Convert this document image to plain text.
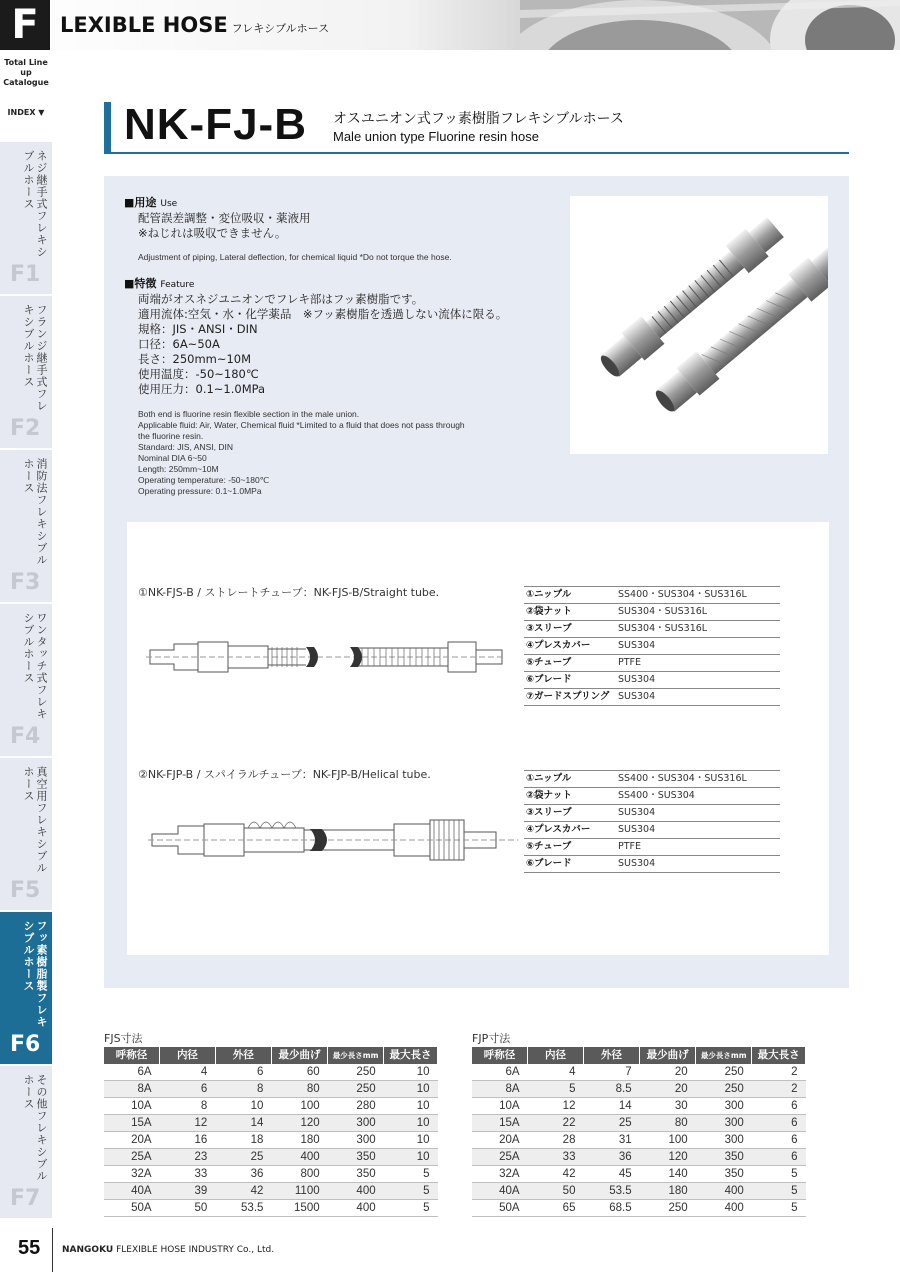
F	LEXIBLE HOSE フレキシブルホース
Total Line up Catalogue
INDEX ▼
ネジ継手式フレキシブルホース
F1
フランジ継手式フレキシブルホース
F2
消防法フレキシブルホース
F3
ワンタッチ式フレキシブルホース
F4
真空用フレキシブルホース
F5
フッ素樹脂製フレキシブルホース
F6
その他フレキシブルホース
F7
NK-FJ-B オスユニオン式フッ素樹脂フレキシブルホース
Male union type Fluorine resin hose
■用途 Use
配管誤差調整・変位吸収・薬液用
※ねじれは吸収できません。
Adjustment of piping, Lateral deflection, for chemical liquid *Do not torque the hose.
■特徴 Feature
両端がオスネジユニオンでフレキ部はフッ素樹脂です。
適用流体:空気・水・化学薬品　※フッ素樹脂を透過しない流体に限る。
規格：JIS・ANSI・DIN
口径：6A~50A
長さ：250mm~10M
使用温度：-50~180℃
使用圧力：0.1~1.0MPa
Both end is fluorine resin flexible section in the male union.
Applicable fluid: Air, Water, Chemical fluid *Limited to a fluid that does not pass through
the fluorine resin.
Standard: JIS, ANSI, DIN
Nominal DIA 6~50
Length: 250mm~10M
Operating temperature: -50~180℃
Operating pressure: 0.1~1.0MPa
①NK-FJS-B / ストレートチューブ：NK-FJS-B/Straight tube.	①ニップル	SS400・SUS304・SUS316L
②袋ナット	SUS304・SUS316L
③スリーブ	SUS304・SUS316L
④プレスカバー	SUS304
⑤チューブ	PTFE
⑥ブレード	SUS304
⑦ガードスプリング	SUS304
②NK-FJP-B / スパイラルチューブ：NK-FJP-B/Helical tube.	①ニップル	SS400・SUS304・SUS316L
②袋ナット	SS400・SUS304
③スリーブ	SUS304
④プレスカバー	SUS304
⑤チューブ	PTFE
⑥ブレード	SUS304
FJS寸法
呼称径	内径	外径	最少曲げ	最少長さmm	最大長さ
6A	4	6	60	250	10
8A	6	8	80	250	10
10A	8	10	100	280	10
15A	12	14	120	300	10
20A	16	18	180	300	10
25A	23	25	400	350	10
32A	33	36	800	350	5
40A	39	42	1100	400	5
50A	50	53.5	1500	400	5
FJP寸法
呼称径	内径	外径	最少曲げ	最少長さmm	最大長さ
6A	4	7	20	250	2
8A	5	8.5	20	250	2
10A	12	14	30	300	6
15A	22	25	80	300	6
20A	28	31	100	300	6
25A	33	36	120	350	6
32A	42	45	140	350	5
40A	50	53.5	180	400	5
50A	65	68.5	250	400	5
55 NANGOKU FLEXIBLE HOSE INDUSTRY Co., Ltd.
